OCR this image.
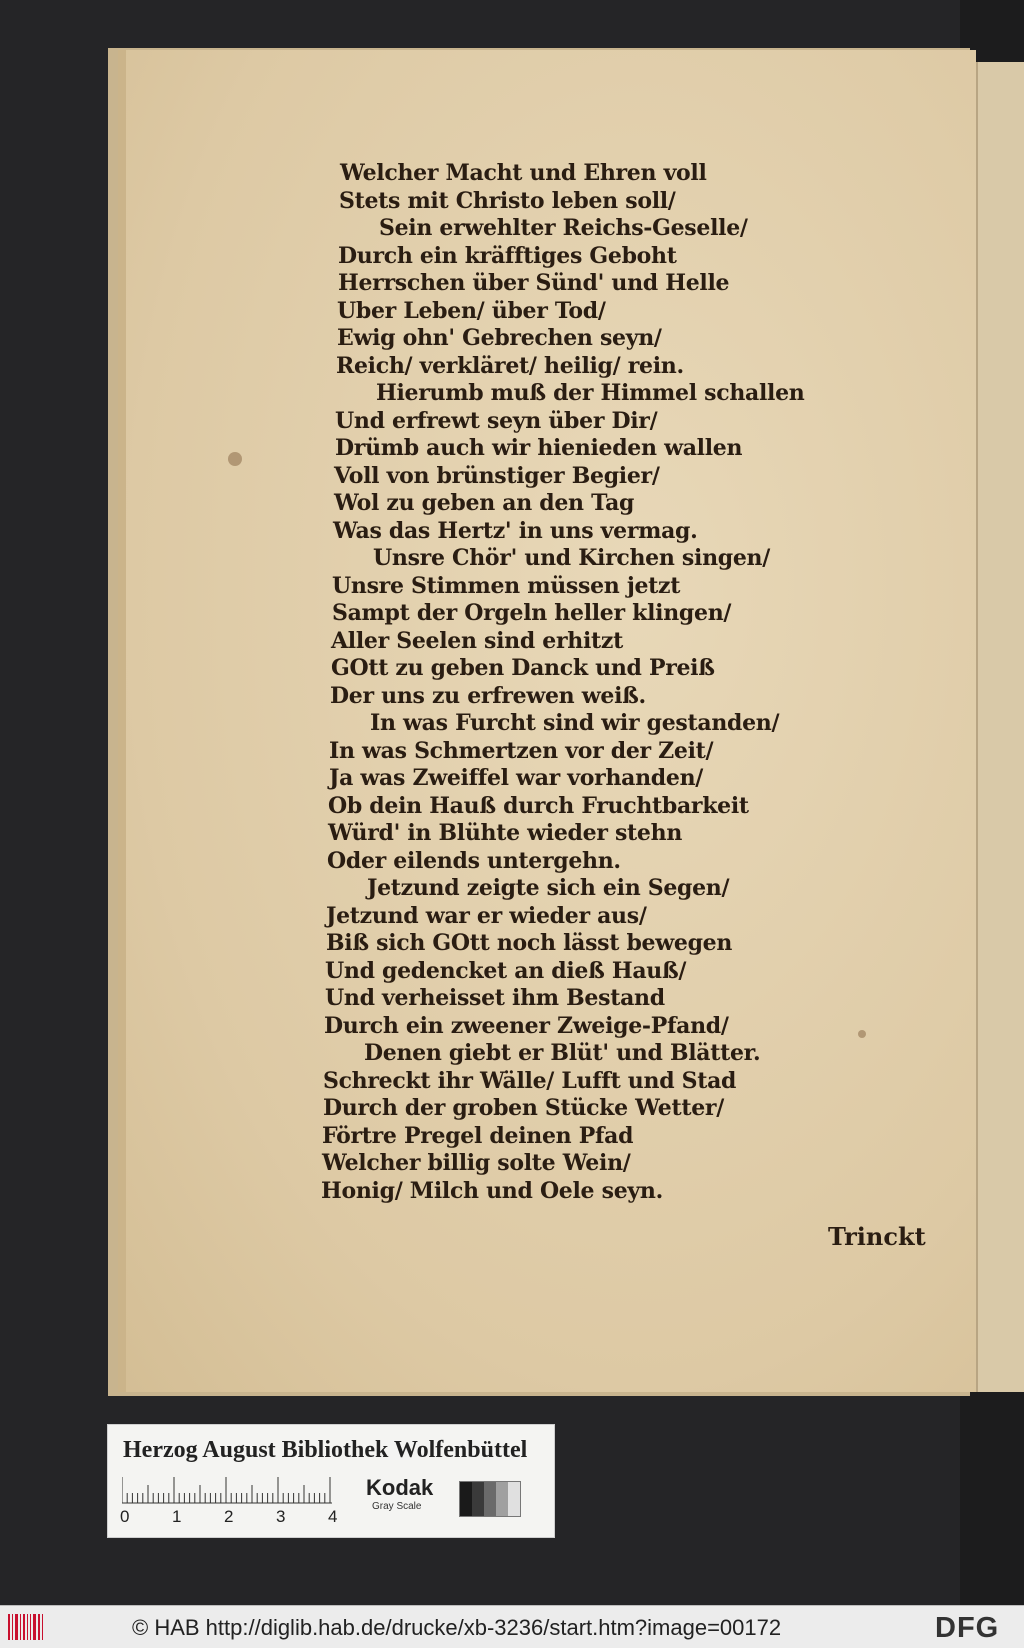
Welcher Macht und Ehren voll
Stets mit Christo leben soll/
Sein erwehlter Reichs-Geselle/
Durch ein kräfftiges Geboht
Herrschen über Sünd' und Helle
Uber Leben/ über Tod/
Ewig ohn' Gebrechen seyn/
Reich/ verkläret/ heilig/ rein.
Hierumb muß der Himmel schallen
Und erfrewt seyn über Dir/
Drümb auch wir hienieden wallen
Voll von brünstiger Begier/
Wol zu geben an den Tag
Was das Hertz' in uns vermag.
Unsre Chör' und Kirchen singen/
Unsre Stimmen müssen jetzt
Sampt der Orgeln heller klingen/
Aller Seelen sind erhitzt
GOtt zu geben Danck und Preiß
Der uns zu erfrewen weiß.
In was Furcht sind wir gestanden/
In was Schmertzen vor der Zeit/
Ja was Zweiffel war vorhanden/
Ob dein Hauß durch Fruchtbarkeit
Würd' in Blühte wieder stehn
Oder eilends untergehn.
Jetzund zeigte sich ein Segen/
Jetzund war er wieder aus/
Biß sich GOtt noch lässt bewegen
Und gedencket an dieß Hauß/
Und verheisset ihm Bestand
Durch ein zweener Zweige-Pfand/
Denen giebt er Blüt' und Blätter.
Schreckt ihr Wälle/ Lufft und Stad
Durch der groben Stücke Wetter/
Förtre Pregel deinen Pfad
Welcher billig solte Wein/
Honig/ Milch und Oele seyn.
Trinckt
Herzog August Bibliothek Wolfenbüttel
0	1	2	3	4
Kodak
Gray Scale
© HAB http://diglib.hab.de/drucke/xb-3236/start.htm?image=00172	DFG
